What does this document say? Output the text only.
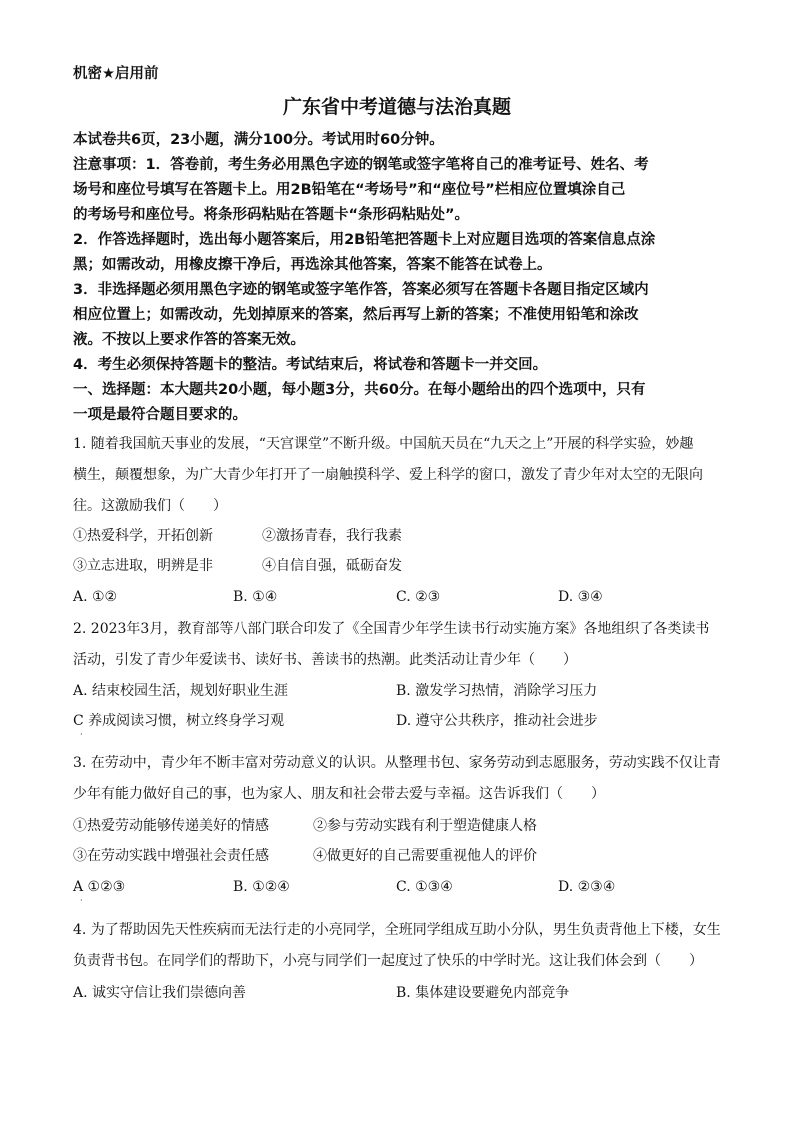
机密★启用前
广东省中考道德与法治真题
本试卷共6页，23小题，满分100分。考试用时60分钟。
注意事项：1．答卷前，考生务必用黑色字迹的钢笔或签字笔将自己的准考证号、姓名、考
场号和座位号填写在答题卡上。用2B铅笔在“考场号”和“座位号”栏相应位置填涂自己
的考场号和座位号。将条形码粘贴在答题卡“条形码粘贴处”。
2．作答选择题时，选出每小题答案后，用2B铅笔把答题卡上对应题目选项的答案信息点涂
黑；如需改动，用橡皮擦干净后，再选涂其他答案，答案不能答在试卷上。
3．非选择题必须用黑色字迹的钢笔或签字笔作答，答案必须写在答题卡各题目指定区域内
相应位置上；如需改动，先划掉原来的答案，然后再写上新的答案；不准使用铅笔和涂改
液。不按以上要求作答的答案无效。
4．考生必须保持答题卡的整洁。考试结束后，将试卷和答题卡一并交回。
一、选择题：本大题共20小题，每小题3分，共60分。在每小题给出的四个选项中，只有
一项是最符合题目要求的。
1. 随着我国航天事业的发展，“天宫课堂”不断升级。中国航天员在“九天之上”开展的科学实验，妙趣
横生，颠覆想象，为广大青少年打开了一扇触摸科学、爱上科学的窗口，激发了青少年对太空的无限向
往。这激励我们（　　）
①热爱科学，开拓创新	②激扬青春，我行我素
③立志进取，明辨是非	④自信自强，砥砺奋发
A. ①②	B. ①④	C. ②③	D. ③④
2. 2023年3月，教育部等八部门联合印发了《全国青少年学生读书行动实施方案》各地组织了各类读书
活动，引发了青少年爱读书、读好书、善读书的热潮。此类活动让青少年（　　）
A. 结束校园生活，规划好职业生涯	B. 激发学习热情，消除学习压力
C 养成阅读习惯，树立终身学习观	D. 遵守公共秩序，推动社会进步
·
3. 在劳动中，青少年不断丰富对劳动意义的认识。从整理书包、家务劳动到志愿服务，劳动实践不仅让青
少年有能力做好自己的事，也为家人、朋友和社会带去爱与幸福。这告诉我们（　　）
①热爱劳动能够传递美好的情感	②参与劳动实践有利于塑造健康人格
③在劳动实践中增强社会责任感	④做更好的自己需要重视他人的评价
A ①②③	B. ①②④	C. ①③④	D. ②③④
·
4. 为了帮助因先天性疾病而无法行走的小亮同学，全班同学组成互助小分队，男生负责背他上下楼，女生
负责背书包。在同学们的帮助下，小亮与同学们一起度过了快乐的中学时光。这让我们体会到（　　）
A. 诚实守信让我们崇德向善	B. 集体建设要避免内部竞争
